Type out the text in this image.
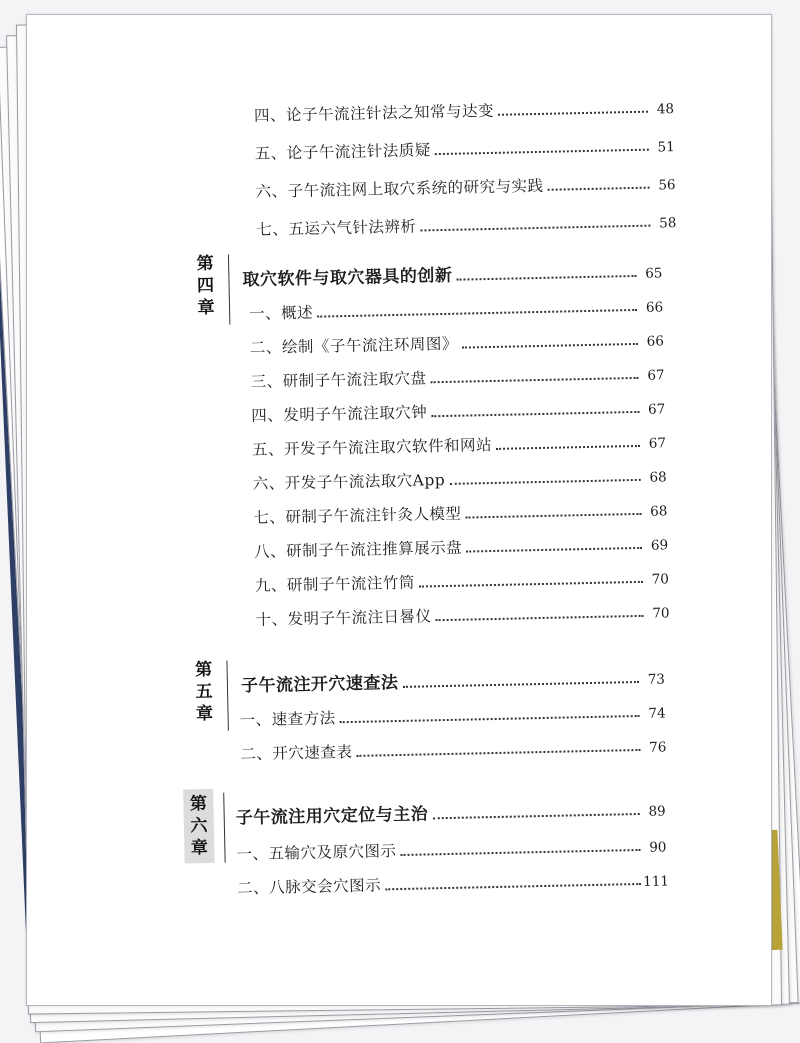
四、论子午流注针法之知常与达变	48
五、论子午流注针法质疑	51
六、子午流注网上取穴系统的研究与实践	56
七、五运六气针法辨析	58
第四章
取穴软件与取穴器具的创新	65
一、概述	66
二、绘制《子午流注环周图》	66
三、研制子午流注取穴盘	67
四、发明子午流注取穴钟	67
五、开发子午流注取穴软件和网站	67
六、开发子午流法取穴App	68
七、研制子午流注针灸人模型	68
八、研制子午流注推算展示盘	69
九、研制子午流注竹筒	70
十、发明子午流注日晷仪	70
第五章
子午流注开穴速查法	73
一、速查方法	74
二、开穴速查表	76
第六章
子午流注用穴定位与主治	89
一、五输穴及原穴图示	90
二、八脉交会穴图示	111
